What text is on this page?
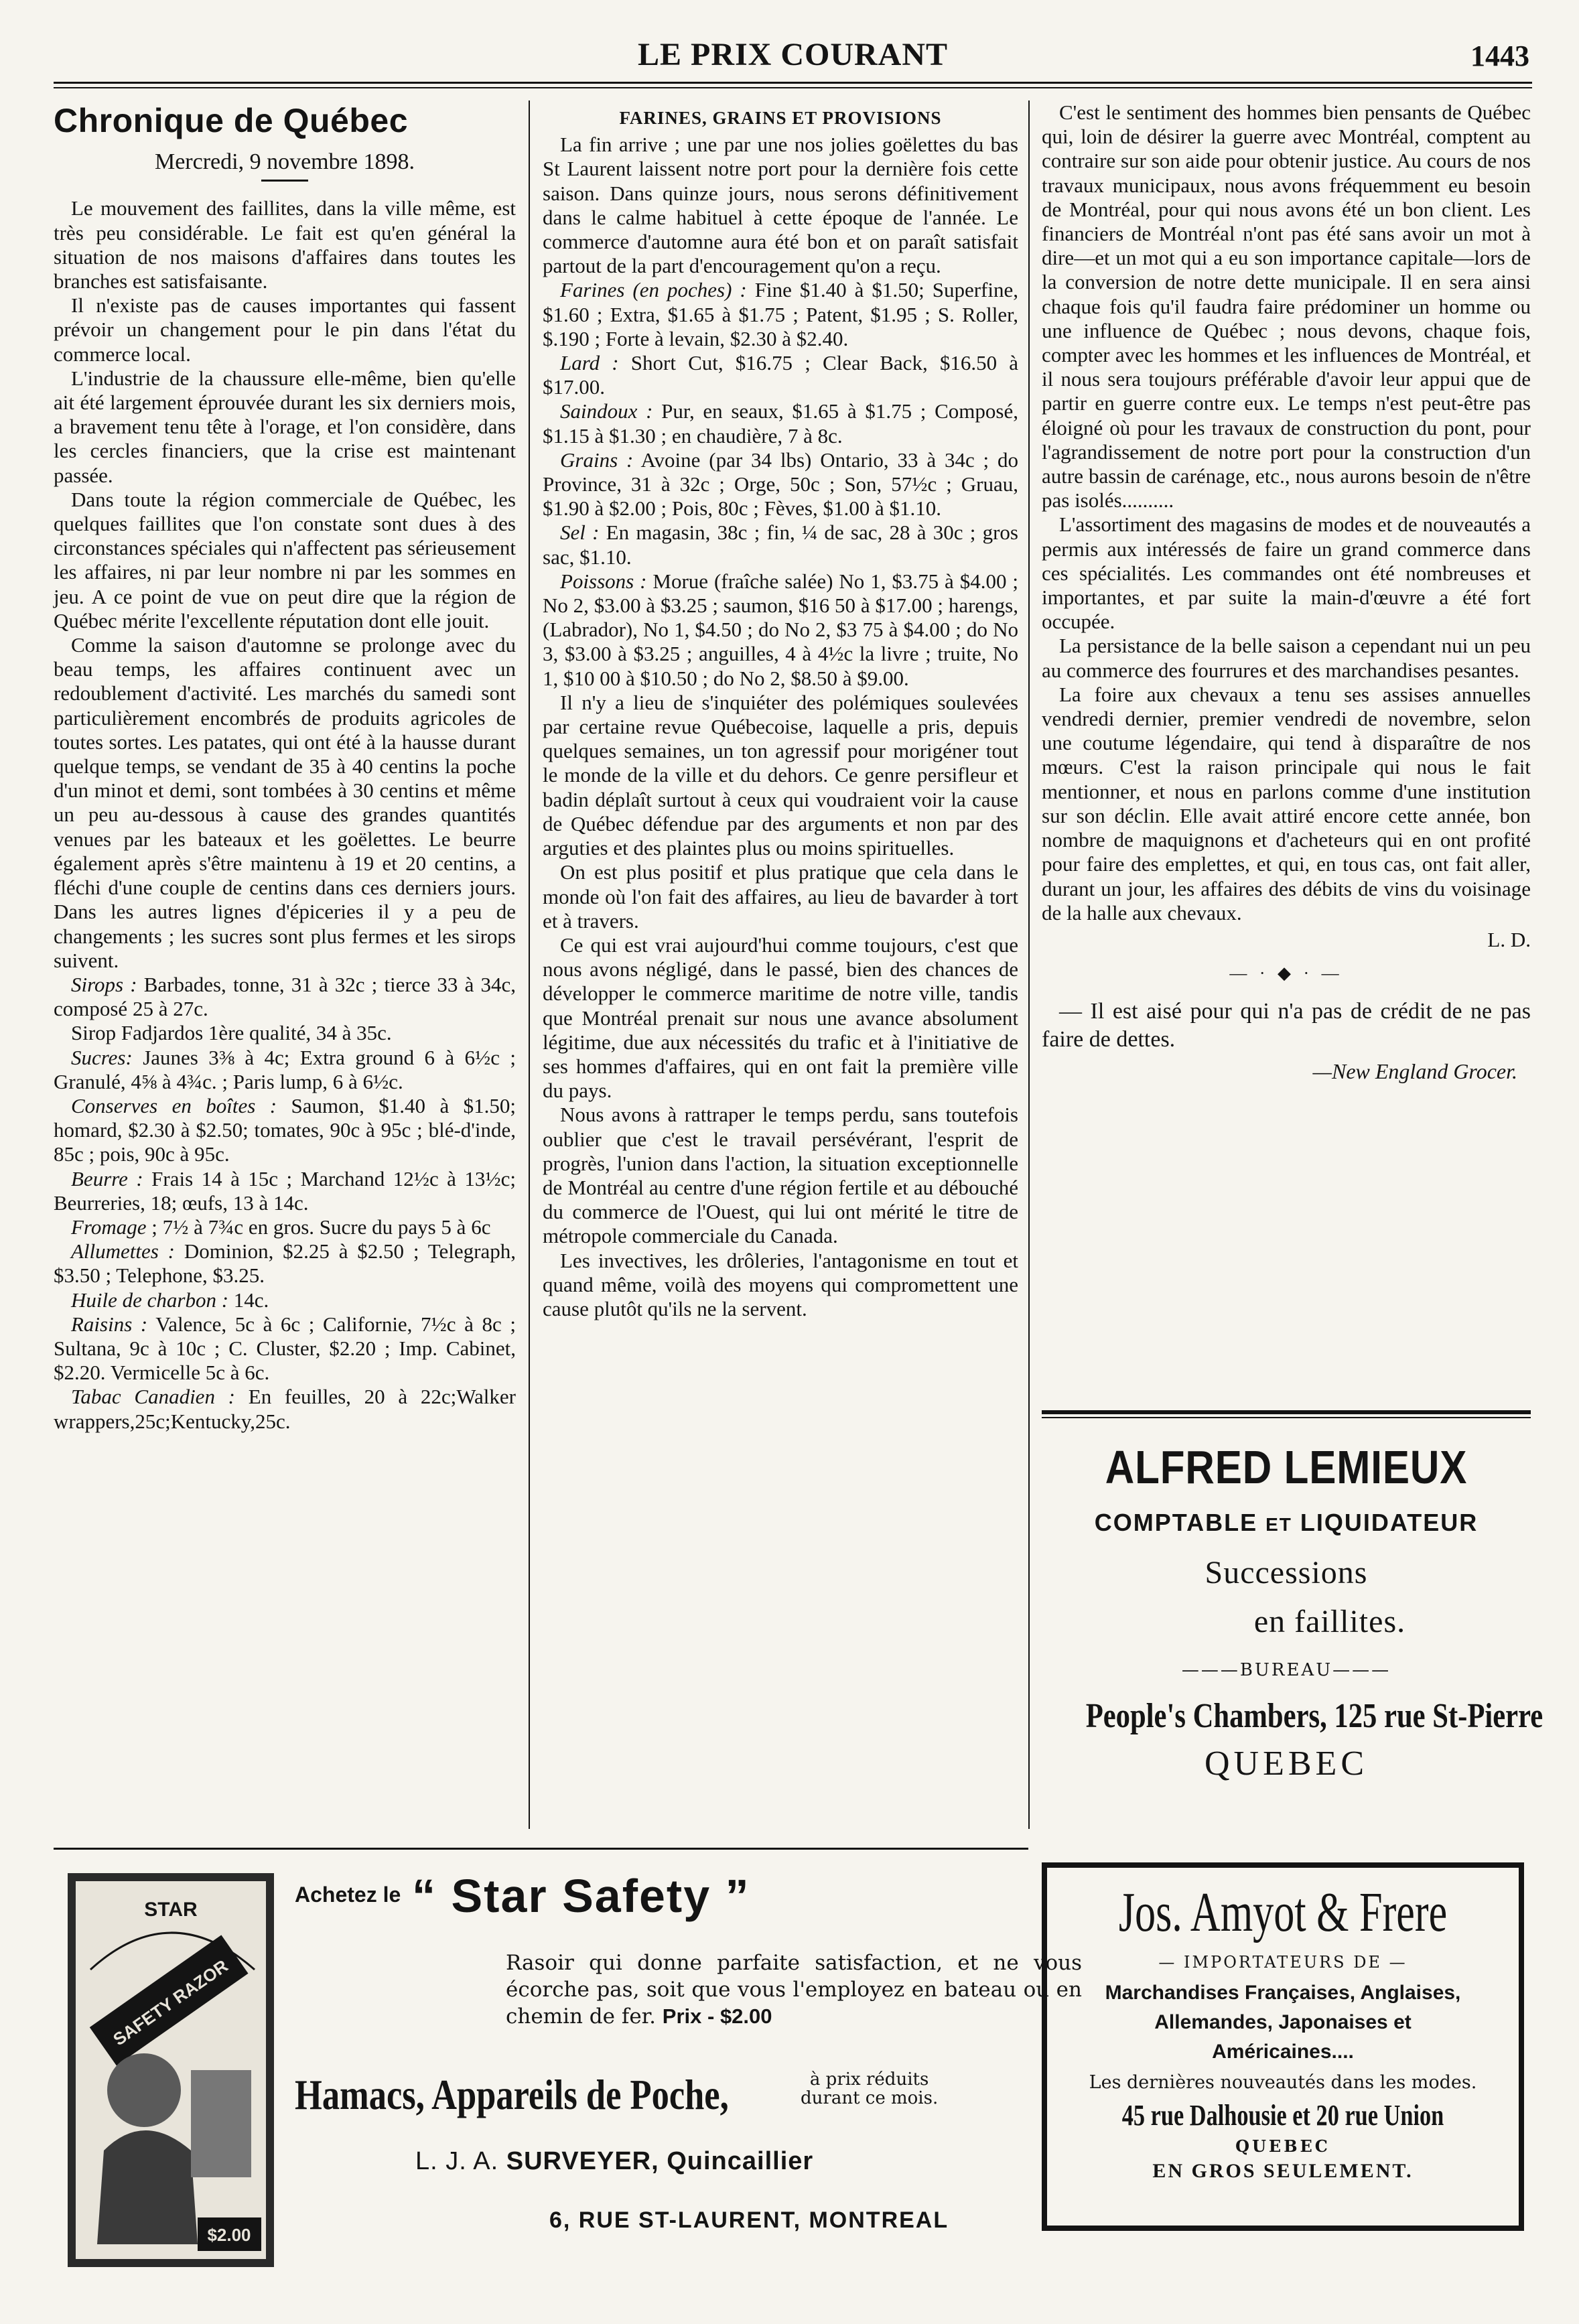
LE PRIX COURANT	1443
Chronique de Québec
Mercredi, 9 novembre 1898.

Le mouvement des faillites, dans la ville même, est très peu considérable. Le fait est qu'en général la situation de nos maisons d'affaires dans toutes les branches est satisfaisante.

Il n'existe pas de causes importantes qui fassent prévoir un changement pour le pin dans l'état du commerce local.

L'industrie de la chaussure elle-même, bien qu'elle ait été largement éprouvée durant les six derniers mois, a bravement tenu tête à l'orage, et l'on considère, dans les cercles financiers, que la crise est maintenant passée.

Dans toute la région commerciale de Québec, les quelques faillites que l'on constate sont dues à des circonstances spéciales qui n'affectent pas sérieusement les affaires, ni par leur nombre ni par les sommes en jeu. A ce point de vue on peut dire que la région de Québec mérite l'excellente réputation dont elle jouit.

Comme la saison d'automne se prolonge avec du beau temps, les affaires continuent avec un redoublement d'activité. Les marchés du samedi sont particulièrement encombrés de produits agricoles de toutes sortes. Les patates, qui ont été à la hausse durant quelque temps, se vendant de 35 à 40 centins la poche d'un minot et demi, sont tombées à 30 centins et même un peu au-dessous à cause des grandes quantités venues par les bateaux et les goëlettes. Le beurre également après s'être maintenu à 19 et 20 centins, a fléchi d'une couple de centins dans ces derniers jours. Dans les autres lignes d'épiceries il y a peu de changements ; les sucres sont plus fermes et les sirops suivent.

Sirops : Barbades, tonne, 31 à 32c ; tierce 33 à 34c, composé 25 à 27c.

Sirop Fadjardos 1ère qualité, 34 à 35c.

Sucres: Jaunes 3⅜ à 4c; Extra ground 6 à 6½c ; Granulé, 4⅝ à 4¾c. ; Paris lump, 6 à 6½c.

Conserves en boîtes : Saumon, $1.40 à $1.50; homard, $2.30 à $2.50; tomates, 90c à 95c ; blé-d'inde, 85c ; pois, 90c à 95c.

Beurre : Frais 14 à 15c ; Marchand 12½c à 13½c; Beurreries, 18; œufs, 13 à 14c.

Fromage ; 7½ à 7¾c en gros. Sucre du pays 5 à 6c

Allumettes : Dominion, $2.25 à $2.50 ; Telegraph, $3.50 ; Telephone, $3.25.

Huile de charbon : 14c.

Raisins : Valence, 5c à 6c ; Californie, 7½c à 8c ; Sultana, 9c à 10c ; C. Cluster, $2.20 ; Imp. Cabinet, $2.20. Vermicelle 5c à 6c.

Tabac Canadien : En feuilles, 20 à 22c;Walker wrappers,25c;Kentucky,25c.

FARINES, GRAINS ET PROVISIONS

La fin arrive ; une par une nos jolies goëlettes du bas St Laurent laissent notre port pour la dernière fois cette saison. Dans quinze jours, nous serons définitivement dans le calme habituel à cette époque de l'année. Le commerce d'automne aura été bon et on paraît satisfait partout de la part d'encouragement qu'on a reçu.

Farines (en poches) : Fine $1.40 à $1.50; Superfine, $1.60 ; Extra, $1.65 à $1.75 ; Patent, $1.95 ; S. Roller, $.190 ; Forte à levain, $2.30 à $2.40.

Lard : Short Cut, $16.75 ; Clear Back, $16.50 à $17.00.

Saindoux : Pur, en seaux, $1.65 à $1.75 ; Composé, $1.15 à $1.30 ; en chaudière, 7 à 8c.

Grains : Avoine (par 34 lbs) Ontario, 33 à 34c ; do Province, 31 à 32c ; Orge, 50c ; Son, 57½c ; Gruau, $1.90 à $2.00 ; Pois, 80c ; Fèves, $1.00 à $1.10.

Sel : En magasin, 38c ; fin, ¼ de sac, 28 à 30c ; gros sac, $1.10.

Poissons : Morue (fraîche salée) No 1, $3.75 à $4.00 ; No 2, $3.00 à $3.25 ; saumon, $16 50 à $17.00 ; harengs, (Labrador), No 1, $4.50 ; do No 2, $3 75 à $4.00 ; do No 3, $3.00 à $3.25 ; anguilles, 4 à 4½c la livre ; truite, No 1, $10 00 à $10.50 ; do No 2, $8.50 à $9.00.

Il n'y a lieu de s'inquiéter des polémiques soulevées par certaine revue Québecoise, laquelle a pris, depuis quelques semaines, un ton agressif pour morigéner tout le monde de la ville et du dehors. Ce genre persifleur et badin déplaît surtout à ceux qui voudraient voir la cause de Québec défendue par des arguments et non par des arguties et des plaintes plus ou moins spirituelles.

On est plus positif et plus pratique que cela dans le monde où l'on fait des affaires, au lieu de bavarder à tort et à travers.

Ce qui est vrai aujourd'hui comme toujours, c'est que nous avons négligé, dans le passé, bien des chances de développer le commerce maritime de notre ville, tandis que Montréal prenait sur nous une avance absolument légitime, due aux nécessités du trafic et à l'initiative de ses hommes d'affaires, qui en ont fait la première ville du pays.

Nous avons à rattraper le temps perdu, sans toutefois oublier que c'est le travail persévérant, l'esprit de progrès, l'union dans l'action, la situation exceptionnelle de Montréal au centre d'une région fertile et au débouché du commerce de l'Ouest, qui lui ont mérité le titre de métropole commerciale du Canada.

Les invectives, les drôleries, l'antagonisme en tout et quand même, voilà des moyens qui compromettent une cause plutôt qu'ils ne la servent.

C'est le sentiment des hommes bien pensants de Québec qui, loin de désirer la guerre avec Montréal, comptent au contraire sur son aide pour obtenir justice. Au cours de nos travaux municipaux, nous avons fréquemment eu besoin de Montréal, pour qui nous avons été un bon client. Les financiers de Montréal n'ont pas été sans avoir un mot à dire—et un mot qui a eu son importance capitale—lors de la conversion de notre dette municipale. Il en sera ainsi chaque fois qu'il faudra faire prédominer un homme ou une influence de Québec ; nous devons, chaque fois, compter avec les hommes et les influences de Montréal, et il nous sera toujours préférable d'avoir leur appui que de partir en guerre contre eux. Le temps n'est peut-être pas éloigné où pour les travaux de construction du pont, pour l'agrandissement de notre port pour la construction d'un autre bassin de carénage, etc., nous aurons besoin de n'être pas isolés..........

L'assortiment des magasins de modes et de nouveautés a permis aux intéressés de faire un grand commerce dans ces spécialités. Les commandes ont été nombreuses et importantes, et par suite la main-d'œuvre a été fort occupée.

La persistance de la belle saison a cependant nui un peu au commerce des fourrures et des marchandises pesantes.

La foire aux chevaux a tenu ses assises annuelles vendredi dernier, premier vendredi de novembre, selon une coutume légendaire, qui tend à disparaître de nos mœurs. C'est la raison principale qui nous le fait mentionner, et nous en parlons comme d'une institution sur son déclin. Elle avait attiré encore cette année, bon nombre de maquignons et d'acheteurs qui en ont profité pour faire des emplettes, et qui, en tous cas, ont fait aller, durant un jour, les affaires des débits de vins du voisinage de la halle aux chevaux.

L. D.
— · ◆ · —

— Il est aisé pour qui n'a pas de crédit de ne pas faire de dettes.

—New England Grocer.
ALFRED LEMIEUX
COMPTABLE ET LIQUIDATEUR
Successions
en faillites.
———BUREAU———
People's Chambers, 125 rue St-Pierre
QUEBEC
STAR
SAFETY RAZOR
$2.00
Achetez le “ Star Safety ”
Rasoir qui donne parfaite satisfaction, et ne vous écorche pas, soit que vous l'employez en bateau ou en chemin de fer. Prix - $2.00
Hamacs, Appareils de Poche,	à prix réduits
durant ce mois.
L. J. A. SURVEYER, Quincaillier
6, RUE ST-LAURENT, MONTREAL
Jos. Amyot & Frere
— IMPORTATEURS DE —
Marchandises Françaises, Anglaises,
Allemandes, Japonaises et
Américaines....
Les dernières nouveautés dans les modes.
45 rue Dalhousie et 20 rue Union
QUEBEC
EN GROS SEULEMENT.
